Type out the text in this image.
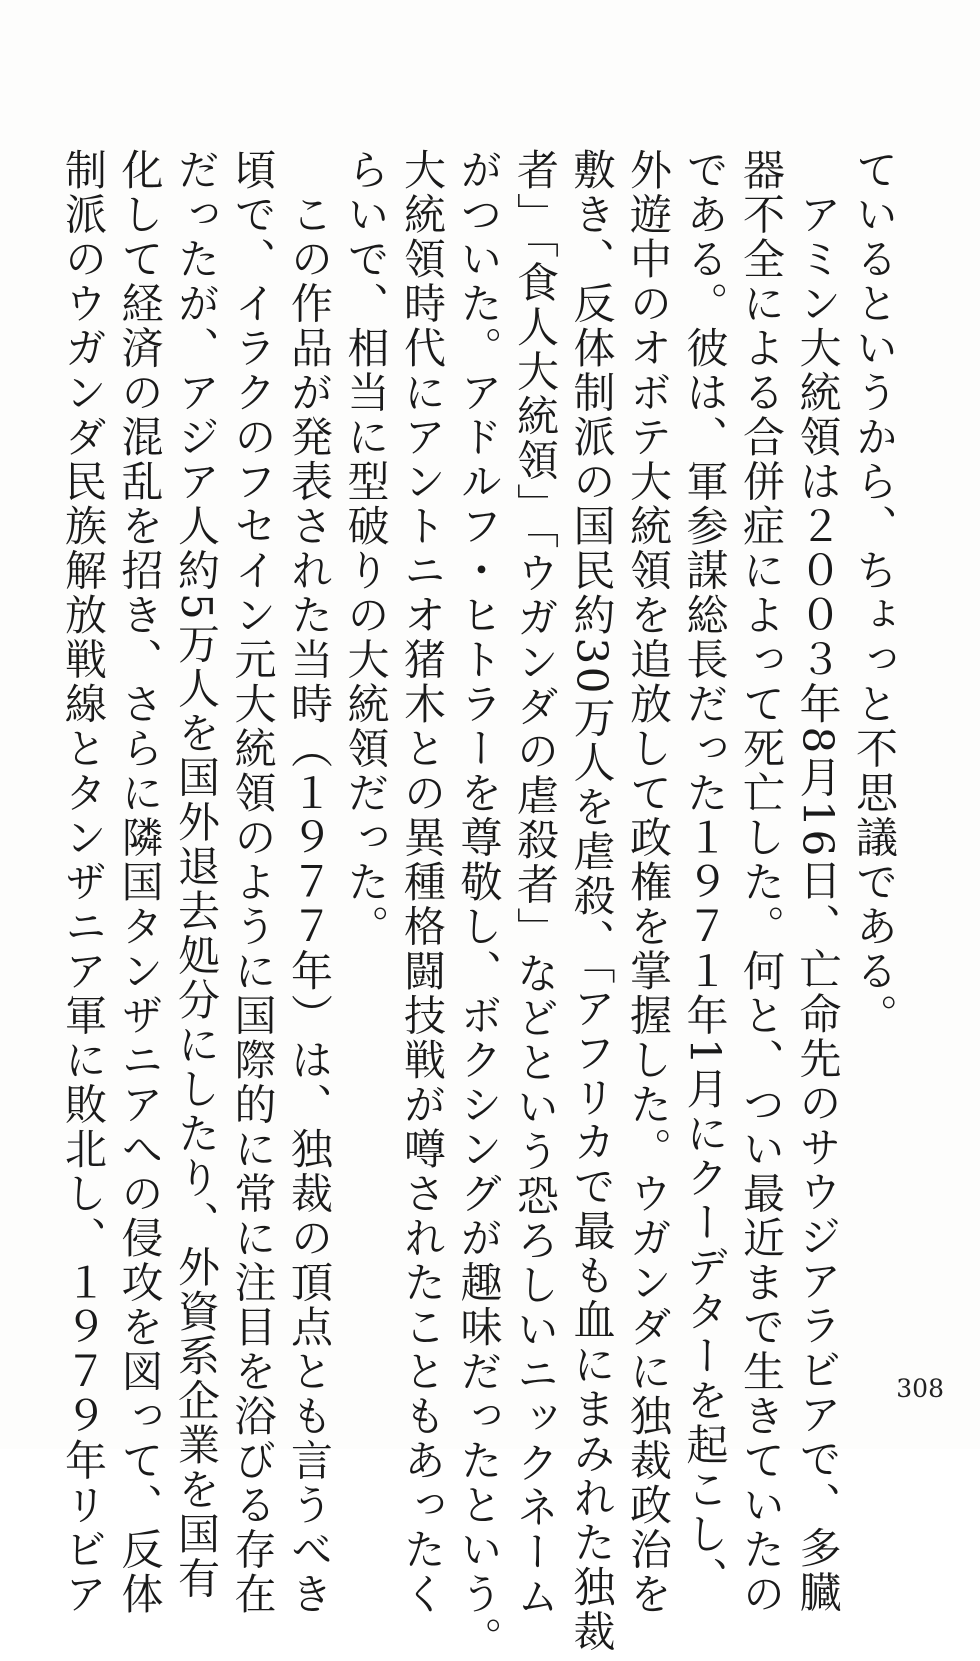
ているというから、ちょっと不思議である。
　アミン大統領は２００３年8月16日、亡命先のサウジアラビアで、多臓
器不全による合併症によって死亡した。何と、つい最近まで生きていたの
である。彼は、軍参謀総長だった１９７１年1月にクーデターを起こし、
外遊中のオボテ大統領を追放して政権を掌握した。ウガンダに独裁政治を
敷き、反体制派の国民約30万人を虐殺、「アフリカで最も血にまみれた独裁
者」「食人大統領」「ウガンダの虐殺者」などという恐ろしいニックネーム
がついた。アドルフ・ヒトラーを尊敬し、ボクシングが趣味だったという。
大統領時代にアントニオ猪木との異種格闘技戦が噂されたこともあったく
らいで、相当に型破りの大統領だった。
　この作品が発表された当時（１９７７年）は、独裁の頂点とも言うべき
頃で、イラクのフセイン元大統領のように国際的に常に注目を浴びる存在
だったが、アジア人約5万人を国外退去処分にしたり、外資系企業を国有
化して経済の混乱を招き、さらに隣国タンザニアへの侵攻を図って、反体
制派のウガンダ民族解放戦線とタンザニア軍に敗北し、１９７９年リビア	308
